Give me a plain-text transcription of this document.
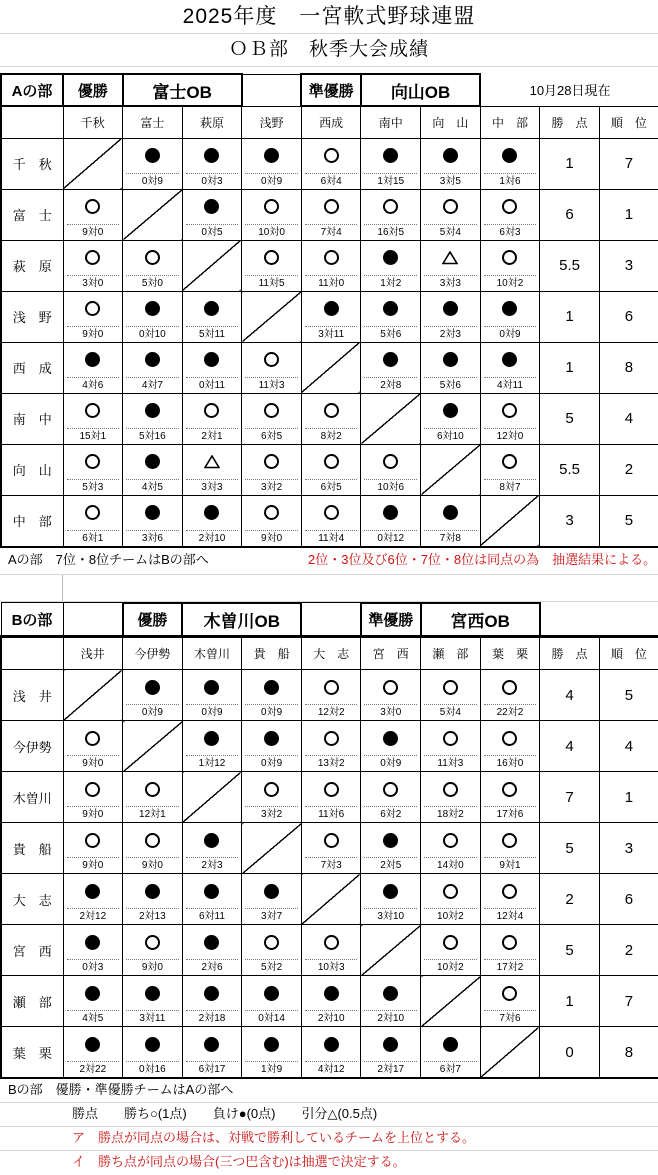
2025年度　一宮軟式野球連盟
ＯＢ部　秋季大会成績
Aの部	優勝	富士OB			準優勝	向山OB		10月28日現在		
	千秋	富士	萩原	浅野	西成	南中	向　山	中　部	勝　点	順　位
千　秋		0対9	0対3	0対9	6対4	1対15	3対5	1対6	1	7
富　士	9対0		0対5	10対0	7対4	16対5	5対4	6対3	6	1
萩　原	3対0	5対0		11対5	11対0	1対2	3対3	10対2	5.5	3
浅　野	9対0	0対10	5対11		3対11	5対6	2対3	0対9	1	6
西　成	4対6	4対7	0対11	11対3		2対8	5対6	4対11	1	8
南　中	15対1	5対16	2対1	6対5	8対2		6対10	12対0	5	4
向　山	5対3	4対5	3対3	3対2	6対5	10対6		8対7	5.5	2
中　部	6対1	3対6	2対10	9対0	11対4	0対12	7対8		3	5
Aの部　7位・8位チームはBの部へ	2位・3位及び6位・7位・8位は同点の為　抽選結果による。
Bの部		優勝	木曽川OB			準優勝	宮西OB			
	浅井	今伊勢	木曽川	貴　船	大　志	宮　西	瀬　部	葉　栗	勝　点	順　位
浅　井		0対9	0対9	0対9	12対2	3対0	5対4	22対2	4	5
今伊勢	9対0		1対12	0対9	13対2	0対9	11対3	16対0	4	4
木曽川	9対0	12対1		3対2	11対6	6対2	18対2	17対6	7	1
貴　船	9対0	9対0	2対3		7対3	2対5	14対0	9対1	5	3
大　志	2対12	2対13	6対11	3対7		3対10	10対2	12対4	2	6
宮　西	0対3	9対0	2対6	5対2	10対3		10対2	17対2	5	2
瀬　部	4対5	3対11	2対18	0対14	2対10	2対10		7対6	1	7
葉　栗	2対22	0対16	6対17	1対9	4対12	2対17	6対7		0	8
Bの部　優勝・準優勝チームはAの部へ
勝点　　勝ち○(1点)　　負け●(0点)　　引分△(0.5点)
ア　勝点が同点の場合は、対戦で勝利しているチームを上位とする。
イ　勝ち点が同点の場合(三つ巴含む)は抽選で決定する。
